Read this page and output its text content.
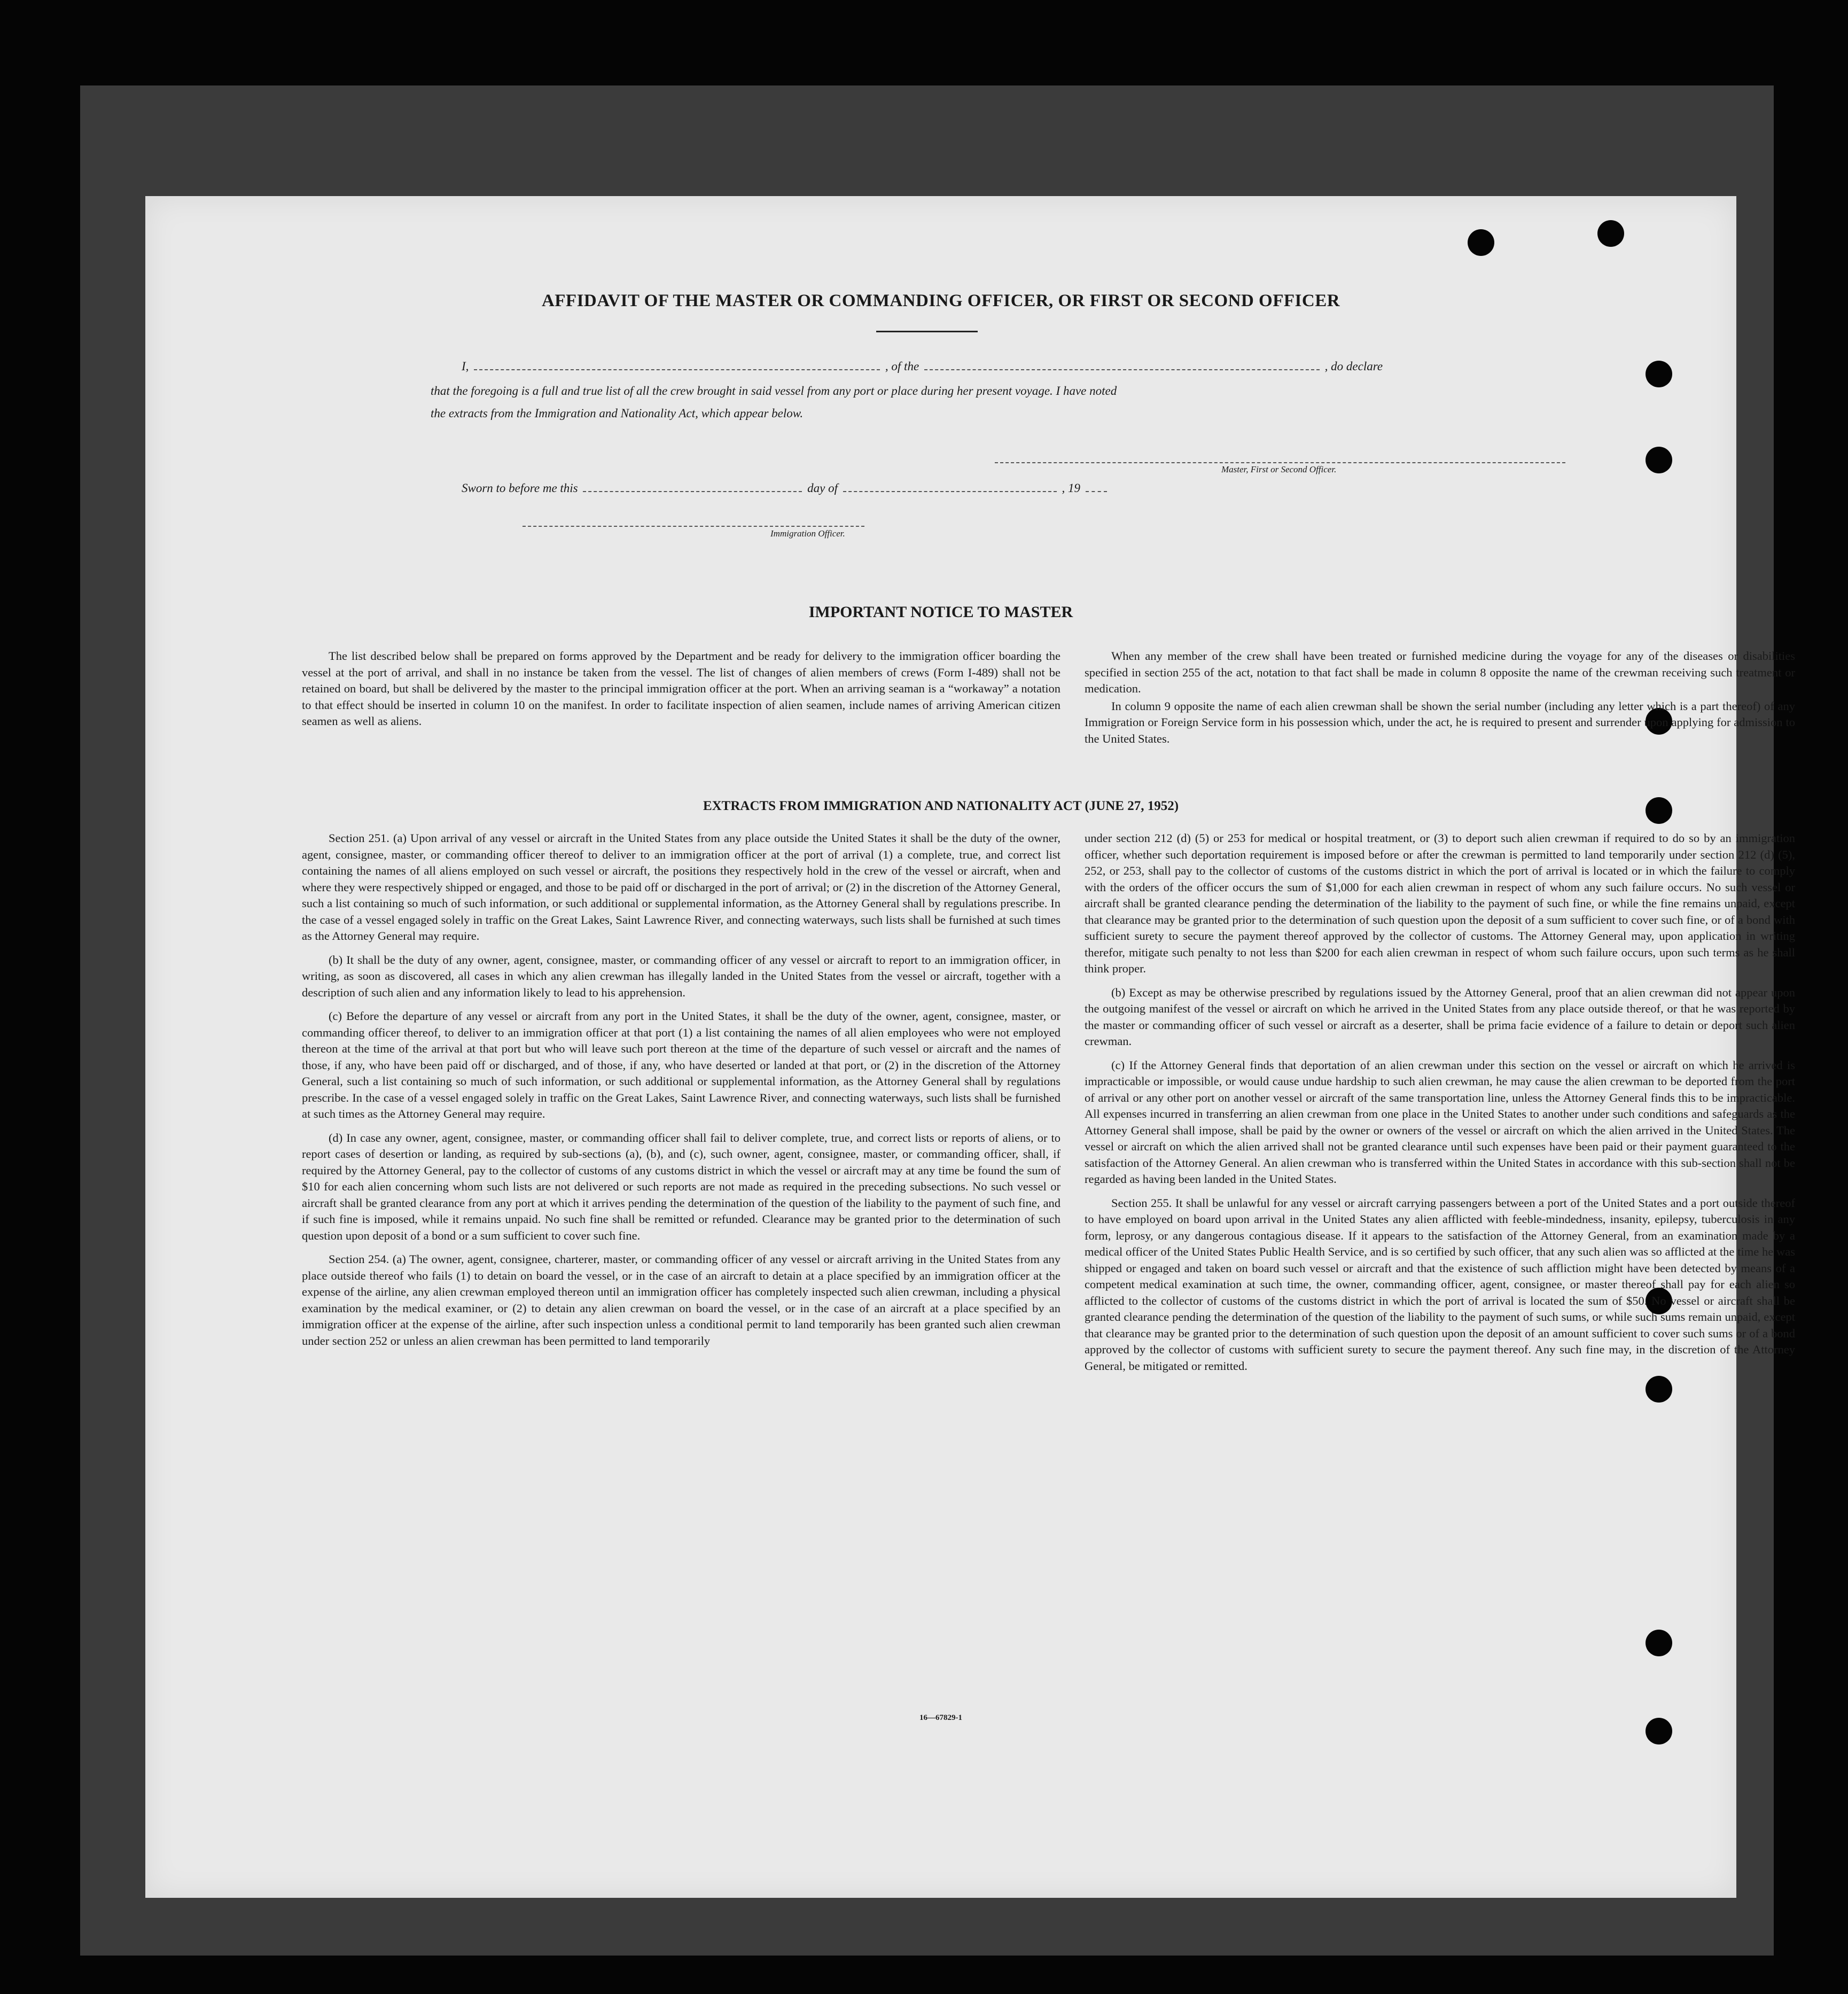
AFFIDAVIT OF THE MASTER OR COMMANDING OFFICER, OR FIRST OR SECOND OFFICER
I,	, of the	, do declare
that the foregoing is a full and true list of all the crew brought in said vessel from any port or place during her present voyage. I have noted
the extracts from the Immigration and Nationality Act, which appear below.
Master, First or Second Officer.
Sworn to before me this	day of	, 19
Immigration Officer.
IMPORTANT NOTICE TO MASTER

The list described below shall be prepared on forms approved by the Department and be ready for delivery to the immigration officer boarding the vessel at the port of arrival, and shall in no instance be taken from the vessel. The list of changes of alien members of crews (Form I-489) shall not be retained on board, but shall be delivered by the master to the principal immigration officer at the port. When an arriving seaman is a “workaway” a notation to that effect should be inserted in column 10 on the manifest. In order to facilitate inspection of alien seamen, include names of arriving American citizen seamen as well as aliens.

When any member of the crew shall have been treated or furnished medicine during the voyage for any of the diseases or disabilities specified in section 255 of the act, notation to that fact shall be made in column 8 opposite the name of the crewman receiving such treatment or medication.

In column 9 opposite the name of each alien crewman shall be shown the serial number (including any letter which is a part thereof) of any Immigration or Foreign Service form in his possession which, under the act, he is required to present and surrender upon applying for admission to the United States.

EXTRACTS FROM IMMIGRATION AND NATIONALITY ACT (JUNE 27, 1952)

Section 251. (a) Upon arrival of any vessel or aircraft in the United States from any place outside the United States it shall be the duty of the owner, agent, consignee, master, or commanding officer thereof to deliver to an immigration officer at the port of arrival (1) a complete, true, and correct list containing the names of all aliens employed on such vessel or aircraft, the positions they respectively hold in the crew of the vessel or aircraft, when and where they were respectively shipped or engaged, and those to be paid off or discharged in the port of arrival; or (2) in the discretion of the Attorney General, such a list containing so much of such information, or such additional or supplemental information, as the Attorney General shall by regulations prescribe. In the case of a vessel engaged solely in traffic on the Great Lakes, Saint Lawrence River, and connecting waterways, such lists shall be furnished at such times as the Attorney General may require.

(b) It shall be the duty of any owner, agent, consignee, master, or commanding officer of any vessel or aircraft to report to an immigration officer, in writing, as soon as discovered, all cases in which any alien crewman has illegally landed in the United States from the vessel or aircraft, together with a description of such alien and any information likely to lead to his apprehension.

(c) Before the departure of any vessel or aircraft from any port in the United States, it shall be the duty of the owner, agent, consignee, master, or commanding officer thereof, to deliver to an immigration officer at that port (1) a list containing the names of all alien employees who were not employed thereon at the time of the arrival at that port but who will leave such port thereon at the time of the departure of such vessel or aircraft and the names of those, if any, who have been paid off or discharged, and of those, if any, who have deserted or landed at that port, or (2) in the discretion of the Attorney General, such a list containing so much of such information, or such additional or supplemental information, as the Attorney General shall by regulations prescribe. In the case of a vessel engaged solely in traffic on the Great Lakes, Saint Lawrence River, and connecting waterways, such lists shall be furnished at such times as the Attorney General may require.

(d) In case any owner, agent, consignee, master, or commanding officer shall fail to deliver complete, true, and correct lists or reports of aliens, or to report cases of desertion or landing, as required by sub-sections (a), (b), and (c), such owner, agent, consignee, master, or commanding officer, shall, if required by the Attorney General, pay to the collector of customs of any customs district in which the vessel or aircraft may at any time be found the sum of $10 for each alien concerning whom such lists are not delivered or such reports are not made as required in the preceding subsections. No such vessel or aircraft shall be granted clearance from any port at which it arrives pending the determination of the question of the liability to the payment of such fine, and if such fine is imposed, while it remains unpaid. No such fine shall be remitted or refunded. Clearance may be granted prior to the determination of such question upon deposit of a bond or a sum sufficient to cover such fine.

Section 254. (a) The owner, agent, consignee, charterer, master, or commanding officer of any vessel or aircraft arriving in the United States from any place outside thereof who fails (1) to detain on board the vessel, or in the case of an aircraft to detain at a place specified by an immigration officer at the expense of the airline, any alien crewman employed thereon until an immigration officer has completely inspected such alien crewman, including a physical examination by the medical examiner, or (2) to detain any alien crewman on board the vessel, or in the case of an aircraft at a place specified by an immigration officer at the expense of the airline, after such inspection unless a conditional permit to land temporarily has been granted such alien crewman under section 252 or unless an alien crewman has been permitted to land temporarily

under section 212 (d) (5) or 253 for medical or hospital treatment, or (3) to deport such alien crewman if required to do so by an immigration officer, whether such deportation requirement is imposed before or after the crewman is permitted to land temporarily under section 212 (d) (5), 252, or 253, shall pay to the collector of customs of the customs district in which the port of arrival is located or in which the failure to comply with the orders of the officer occurs the sum of $1,000 for each alien crewman in respect of whom any such failure occurs. No such vessel or aircraft shall be granted clearance pending the determination of the liability to the payment of such fine, or while the fine remains unpaid, except that clearance may be granted prior to the determination of such question upon the deposit of a sum sufficient to cover such fine, or of a bond with sufficient surety to secure the payment thereof approved by the collector of customs. The Attorney General may, upon application in writing therefor, mitigate such penalty to not less than $200 for each alien crewman in respect of whom such failure occurs, upon such terms as he shall think proper.

(b) Except as may be otherwise prescribed by regulations issued by the Attorney General, proof that an alien crewman did not appear upon the outgoing manifest of the vessel or aircraft on which he arrived in the United States from any place outside thereof, or that he was reported by the master or commanding officer of such vessel or aircraft as a deserter, shall be prima facie evidence of a failure to detain or deport such alien crewman.

(c) If the Attorney General finds that deportation of an alien crewman under this section on the vessel or aircraft on which he arrived is impracticable or impossible, or would cause undue hardship to such alien crewman, he may cause the alien crewman to be deported from the port of arrival or any other port on another vessel or aircraft of the same transportation line, unless the Attorney General finds this to be impracticable. All expenses incurred in transferring an alien crewman from one place in the United States to another under such conditions and safeguards as the Attorney General shall impose, shall be paid by the owner or owners of the vessel or aircraft on which the alien arrived in the United States. The vessel or aircraft on which the alien arrived shall not be granted clearance until such expenses have been paid or their payment guaranteed to the satisfaction of the Attorney General. An alien crewman who is transferred within the United States in accordance with this sub-section shall not be regarded as having been landed in the United States.

Section 255. It shall be unlawful for any vessel or aircraft carrying passengers between a port of the United States and a port outside thereof to have employed on board upon arrival in the United States any alien afflicted with feeble-mindedness, insanity, epilepsy, tuberculosis in any form, leprosy, or any dangerous contagious disease. If it appears to the satisfaction of the Attorney General, from an examination made by a medical officer of the United States Public Health Service, and is so certified by such officer, that any such alien was so afflicted at the time he was shipped or engaged and taken on board such vessel or aircraft and that the existence of such affliction might have been detected by means of a competent medical examination at such time, the owner, commanding officer, agent, consignee, or master thereof shall pay for each alien so afflicted to the collector of customs of the customs district in which the port of arrival is located the sum of $50. No vessel or aircraft shall be granted clearance pending the determination of the question of the liability to the payment of such sums, or while such sums remain unpaid, except that clearance may be granted prior to the determination of such question upon the deposit of an amount sufficient to cover such sums or of a bond approved by the collector of customs with sufficient surety to secure the payment thereof. Any such fine may, in the discretion of the Attorney General, be mitigated or remitted.

16—67829-1
